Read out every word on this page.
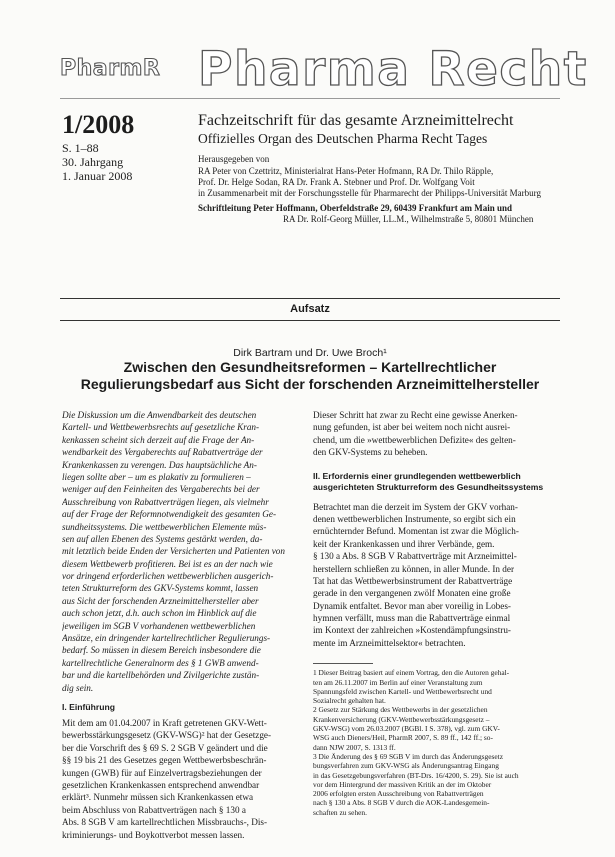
PharmR Pharma Recht
1/2008
S. 1–88
30. Jahrgang
1. Januar 2008
Fachzeitschrift für das gesamte Arzneimittelrecht
Offizielles Organ des Deutschen Pharma Recht Tages
Herausgegeben von
RA Peter von Czettritz, Ministerialrat Hans-Peter Hofmann, RA Dr. Thilo Räpple,
Prof. Dr. Helge Sodan, RA Dr. Frank A. Stebner und Prof. Dr. Wolfgang Voit
in Zusammenarbeit mit der Forschungsstelle für Pharmarecht der Philipps-Universität Marburg
Schriftleitung Peter Hoffmann, Oberfeldstraße 29, 60439 Frankfurt am Main und
RA Dr. Rolf-Georg Müller, LL.M., Wilhelmstraße 5, 80801 München
Aufsatz
Dirk Bartram und Dr. Uwe Broch¹
Zwischen den Gesundheitsreformen – Kartellrechtlicher
Regulierungsbedarf aus Sicht der forschenden Arzneimittelhersteller
Die Diskussion um die Anwendbarkeit des deutschen
Kartell- und Wettbewerbsrechts auf gesetzliche Kran-
kenkassen scheint sich derzeit auf die Frage der An-
wendbarkeit des Vergaberechts auf Rabattverträge der
Krankenkassen zu verengen. Das hauptsächliche An-
liegen sollte aber – um es plakativ zu formulieren –
weniger auf den Feinheiten des Vergaberechts bei der
Ausschreibung von Rabattverträgen liegen, als vielmehr
auf der Frage der Reformnotwendigkeit des gesamten Ge-
sundheitssystems. Die wettbewerblichen Elemente müs-
sen auf allen Ebenen des Systems gestärkt werden, da-
mit letztlich beide Enden der Versicherten und Patienten von
diesem Wettbewerb profitieren. Bei ist es an der nach wie
vor dringend erforderlichen wettbewerblichen ausgerich-
teten Strukturreform des GKV-Systems kommt, lassen
aus Sicht der forschenden Arzneimittelhersteller aber
auch schon jetzt, d.h. auch schon im Hinblick auf die
jeweiligen im SGB V vorhandenen wettbewerblichen
Ansätze, ein dringender kartellrechtlicher Regulierungs-
bedarf. So müssen in diesem Bereich insbesondere die
kartellrechtliche Generalnorm des § 1 GWB anwend-
bar und die kartellbehörden und Zivilgerichte zustän-
dig sein.
I. Einführung
Mit dem am 01.04.2007 in Kraft getretenen GKV-Wett-
bewerbsstärkungsgesetz (GKV-WSG)² hat der Gesetzge-
ber die Vorschrift des § 69 S. 2 SGB V geändert und die
§§ 19 bis 21 des Gesetzes gegen Wettbewerbsbeschrän-
kungen (GWB) für auf Einzelvertragsbeziehungen der
gesetzlichen Krankenkassen entsprechend anwendbar
erklärt³. Nunmehr müssen sich Krankenkassen etwa
beim Abschluss von Rabattverträgen nach § 130 a
Abs. 8 SGB V am kartellrechtlichen Missbrauchs-, Dis-
kriminierungs- und Boykottverbot messen lassen.
Dieser Schritt hat zwar zu Recht eine gewisse Anerken-
nung gefunden, ist aber bei weitem noch nicht ausrei-
chend, um die »wettbewerblichen Defizite« des gelten-
den GKV-Systems zu beheben.
II. Erfordernis einer grundlegenden wettbewerblich
ausgerichteten Strukturreform des Gesundheitssystems
Betrachtet man die derzeit im System der GKV vorhan-
denen wettbewerblichen Instrumente, so ergibt sich ein
ernüchternder Befund. Momentan ist zwar die Möglich-
keit der Krankenkassen und ihrer Verbände, gem.
§ 130 a Abs. 8 SGB V Rabattverträge mit Arzneimittel-
herstellern schließen zu können, in aller Munde. In der
Tat hat das Wettbewerbsinstrument der Rabattverträge
gerade in den vergangenen zwölf Monaten eine große
Dynamik entfaltet. Bevor man aber voreilig in Lobes-
hymnen verfällt, muss man die Rabattverträge einmal
im Kontext der zahlreichen »Kostendämpfungsinstru-
mente im Arzneimittelsektor« betrachten.
1 Dieser Beitrag basiert auf einem Vortrag, den die Autoren gehal-
ten am 26.11.2007 im Berlin auf einer Veranstaltung zum
Spannungsfeld zwischen Kartell- und Wettbewerbsrecht und
Sozialrecht gehalten hat.
2 Gesetz zur Stärkung des Wettbewerbs in der gesetzlichen
Krankenversicherung (GKV-Wettbewerbsstärkungsgesetz –
GKV-WSG) vom 26.03.2007 (BGBl. I S. 378), vgl. zum GKV-
WSG auch Dieners/Heil, PharmR 2007, S. 89 ff., 142 ff.; so-
dann NJW 2007, S. 1313 ff.
3 Die Änderung des § 69 SGB V im durch das Änderungsgesetz
bungsverfahren zum GKV-WSG als Änderungsantrag Eingang
in das Gesetzgebungsverfahren (BT-Drs. 16/4200, S. 29). Sie ist auch
vor dem Hintergrund der massiven Kritik an der im Oktober
2006 erfolgten ersten Ausschreibung von Rabattverträgen
nach § 130 a Abs. 8 SGB V durch die AOK-Landesgemein-
schaften zu sehen.
